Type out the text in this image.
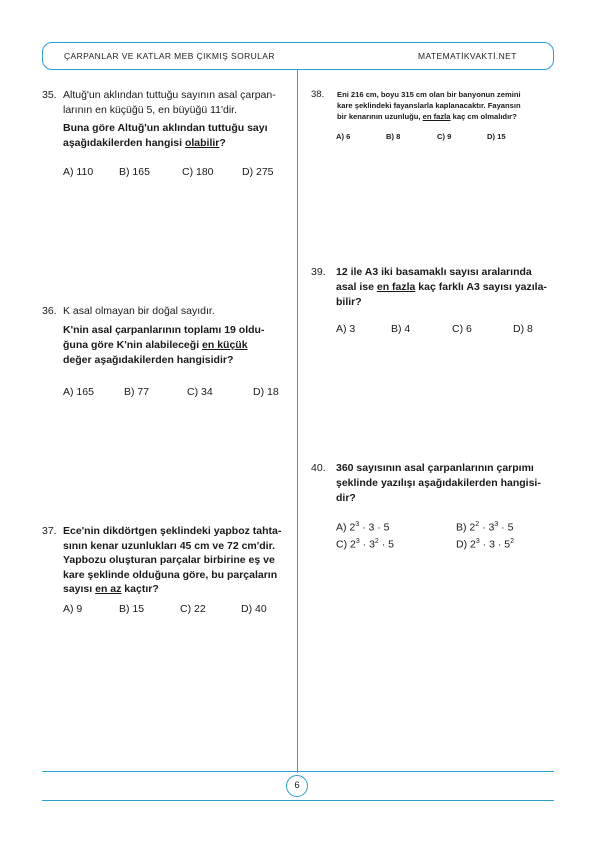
ÇARPANLAR VE KATLAR MEB ÇIKMIŞ SORULAR	MATEMATİKVAKTİ.NET
35. Altuğ'un aklından tuttuğu sayının asal çarpan-
larının en küçüğü 5, en büyüğü 11'dir.
Buna göre Altuğ'un aklından tuttuğu sayı
aşağıdakilerden hangisi olabilir?
A) 110 B) 165	C) 180	D) 275
36. K asal olmayan bir doğal sayıdır.
K'nin asal çarpanlarının toplamı 19 oldu-
ğuna göre K'nin alabileceği en küçük
değer aşağıdakilerden hangisidir?
A) 165	B) 77	C) 34	D) 18
37. Ece'nin dikdörtgen şeklindeki yapboz tahta-
sının kenar uzunlukları 45 cm ve 72 cm'dir.
Yapbozu oluşturan parçalar birbirine eş ve
kare şeklinde olduğuna göre, bu parçaların
sayısı en az kaçtır?
A) 9	B) 15	C) 22	D) 40
38. Eni 216 cm, boyu 315 cm olan bir banyonun zemini
kare şeklindeki fayanslarla kaplanacaktır. Fayansın
bir kenarının uzunluğu, en fazla kaç cm olmalıdır?
A) 6	B) 8	C) 9	D) 15
39. 12 ile A3 iki basamaklı sayısı aralarında
asal ise en fazla kaç farklı A3 sayısı yazıla-
bilir?
A) 3	B) 4	C) 6	D) 8
40. 360 sayısının asal çarpanlarının çarpımı
şeklinde yazılışı aşağıdakilerden hangisi-
dir?
A) $2^3 \cdot 3 \cdot 5$	B) $2^2 \cdot 3^3 \cdot 5$
C) $2^3 \cdot 3^2 \cdot 5$	D) $2^3 \cdot 3 \cdot 5^2$
6
